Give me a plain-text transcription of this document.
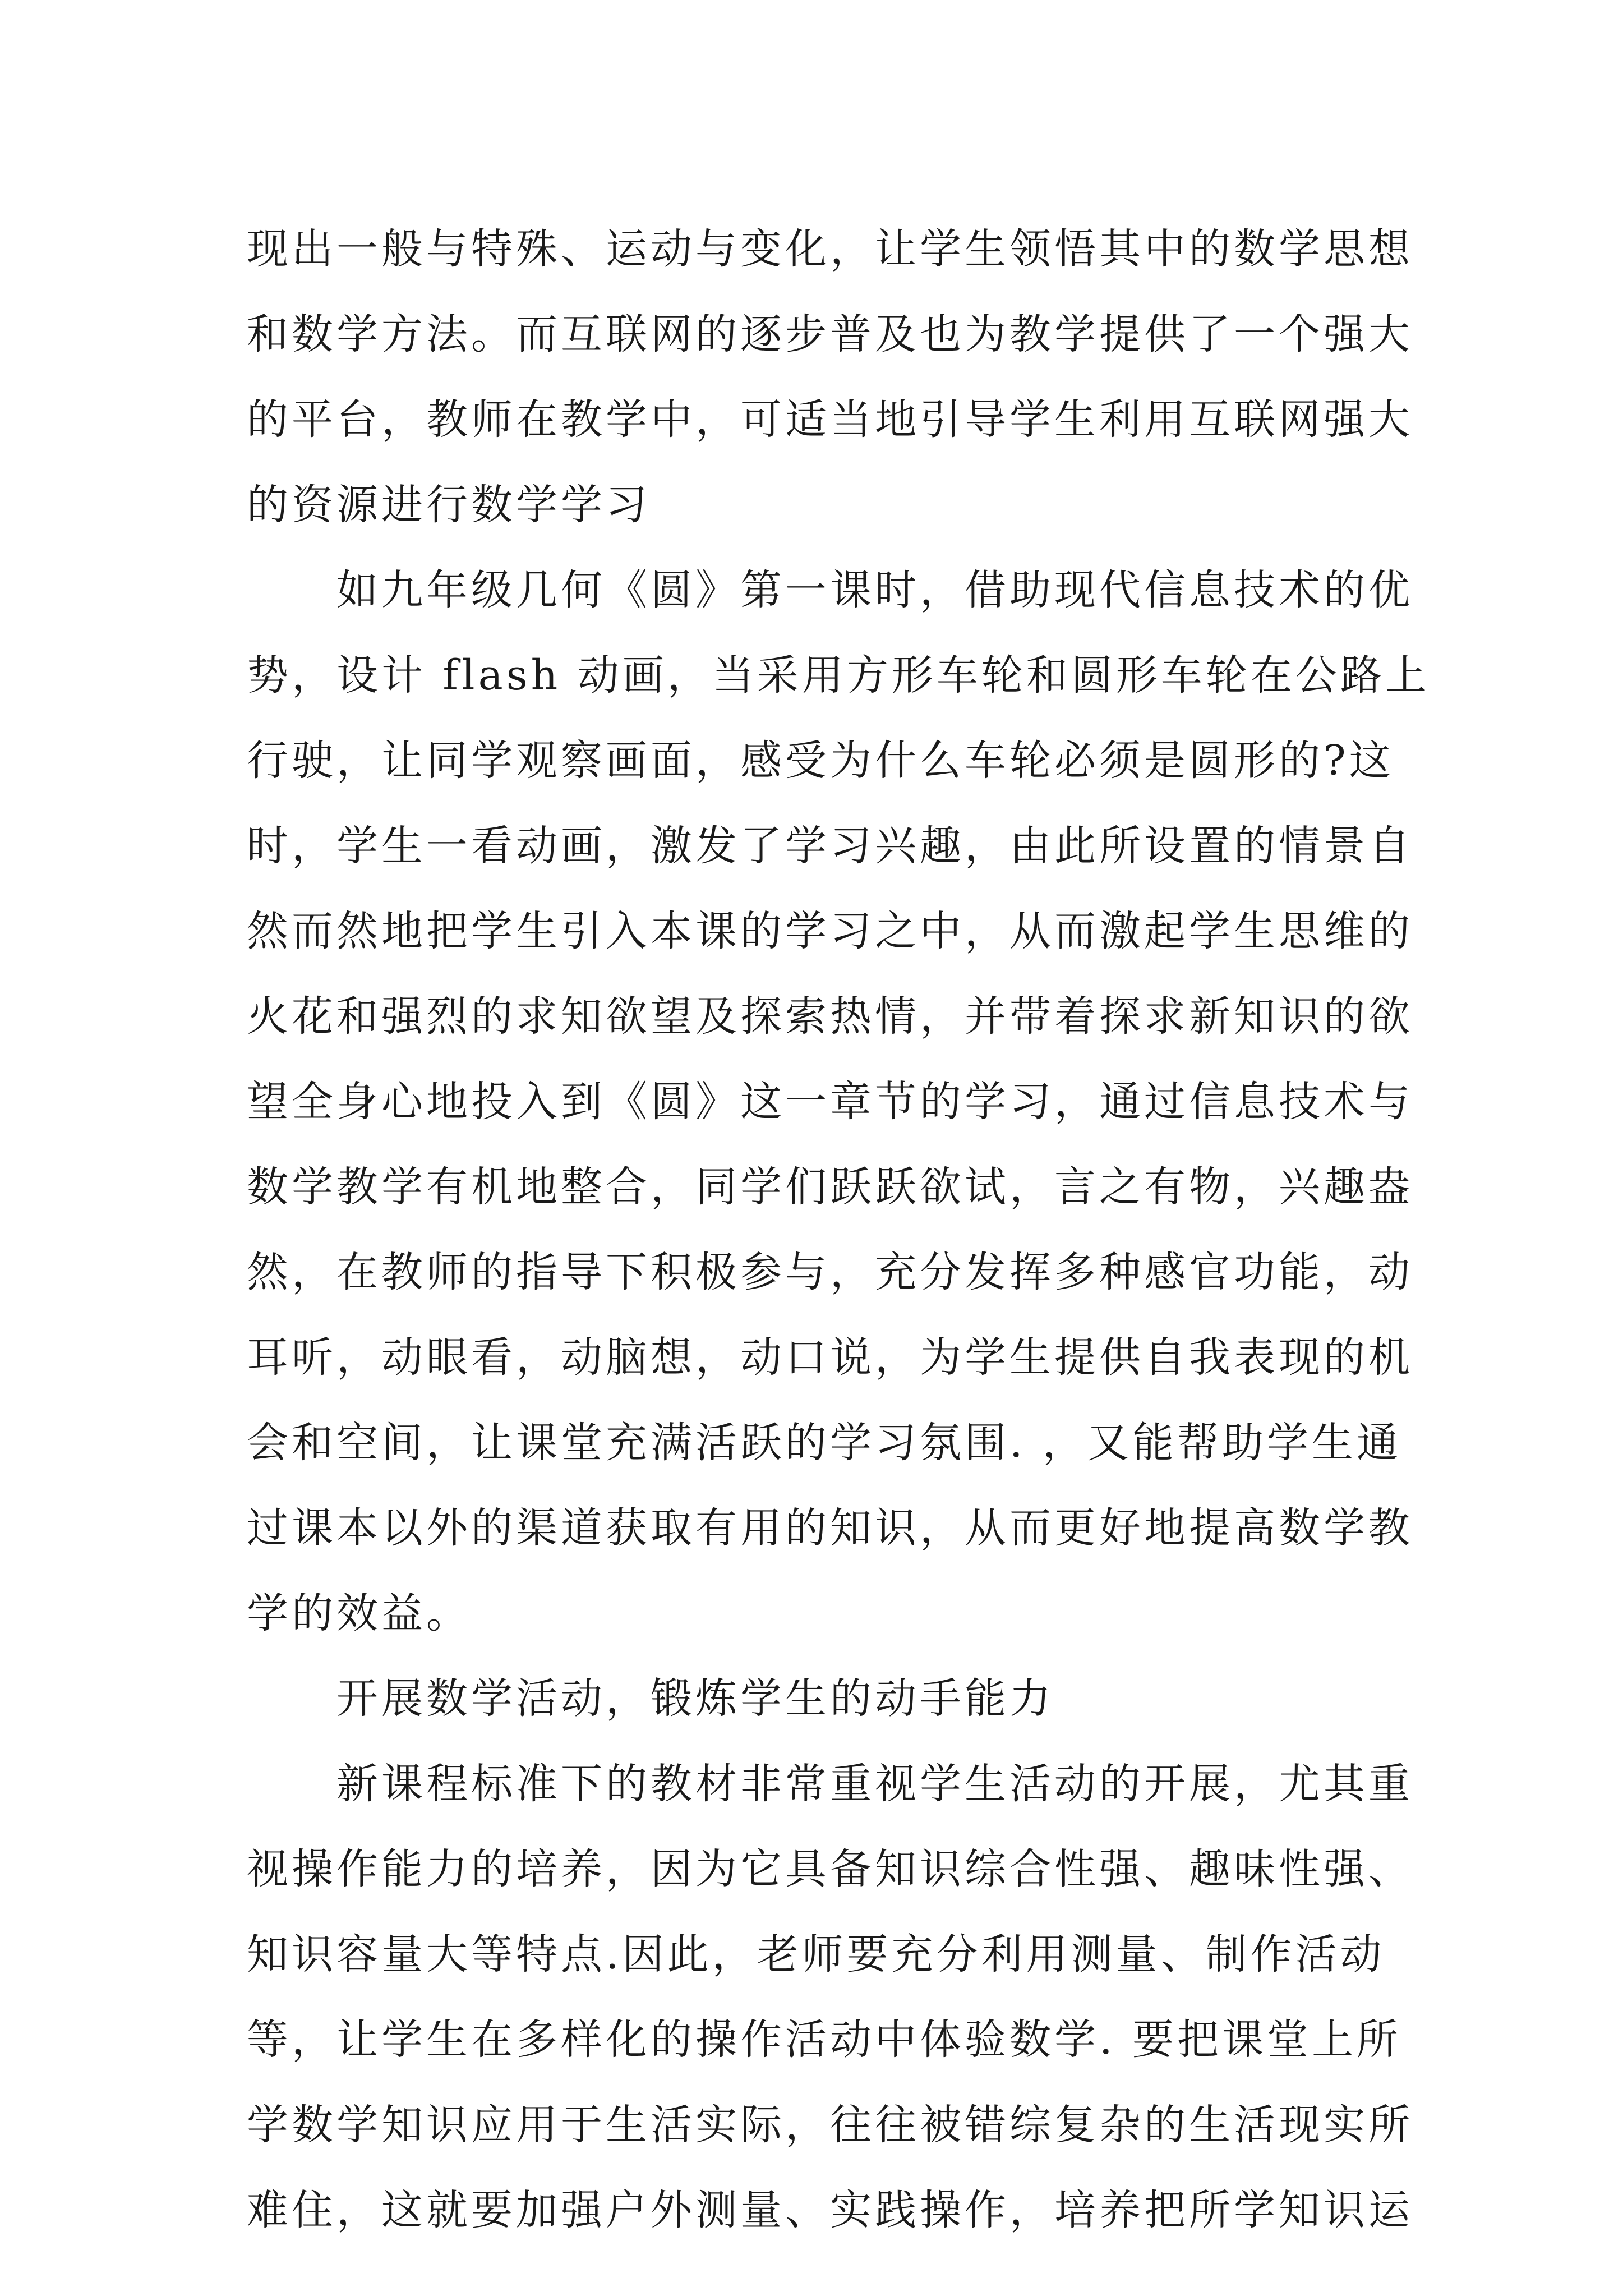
现出一般与特殊、运动与变化，让学生领悟其中的数学思想
和数学方法。而互联网的逐步普及也为教学提供了一个强大
的平台，教师在教学中，可适当地引导学生利用互联网强大
的资源进行数学学习
如九年级几何《圆》第一课时，借助现代信息技术的优
势，设计 flash 动画，当采用方形车轮和圆形车轮在公路上
行驶，让同学观察画面，感受为什么车轮必须是圆形的?这
时，学生一看动画，激发了学习兴趣，由此所设置的情景自
然而然地把学生引入本课的学习之中，从而激起学生思维的
火花和强烈的求知欲望及探索热情，并带着探求新知识的欲
望全身心地投入到《圆》这一章节的学习，通过信息技术与
数学教学有机地整合，同学们跃跃欲试，言之有物，兴趣盎
然，在教师的指导下积极参与，充分发挥多种感官功能，动
耳听，动眼看，动脑想，动口说，为学生提供自我表现的机
会和空间，让课堂充满活跃的学习氛围. ，又能帮助学生通
过课本以外的渠道获取有用的知识，从而更好地提高数学教
学的效益。
开展数学活动，锻炼学生的动手能力
新课程标准下的教材非常重视学生活动的开展，尤其重
视操作能力的培养，因为它具备知识综合性强、趣味性强、
知识容量大等特点.因此，老师要充分利用测量、制作活动
等，让学生在多样化的操作活动中体验数学. 要把课堂上所
学数学知识应用于生活实际，往往被错综复杂的生活现实所
难住，这就要加强户外测量、实践操作，培养把所学知识运
